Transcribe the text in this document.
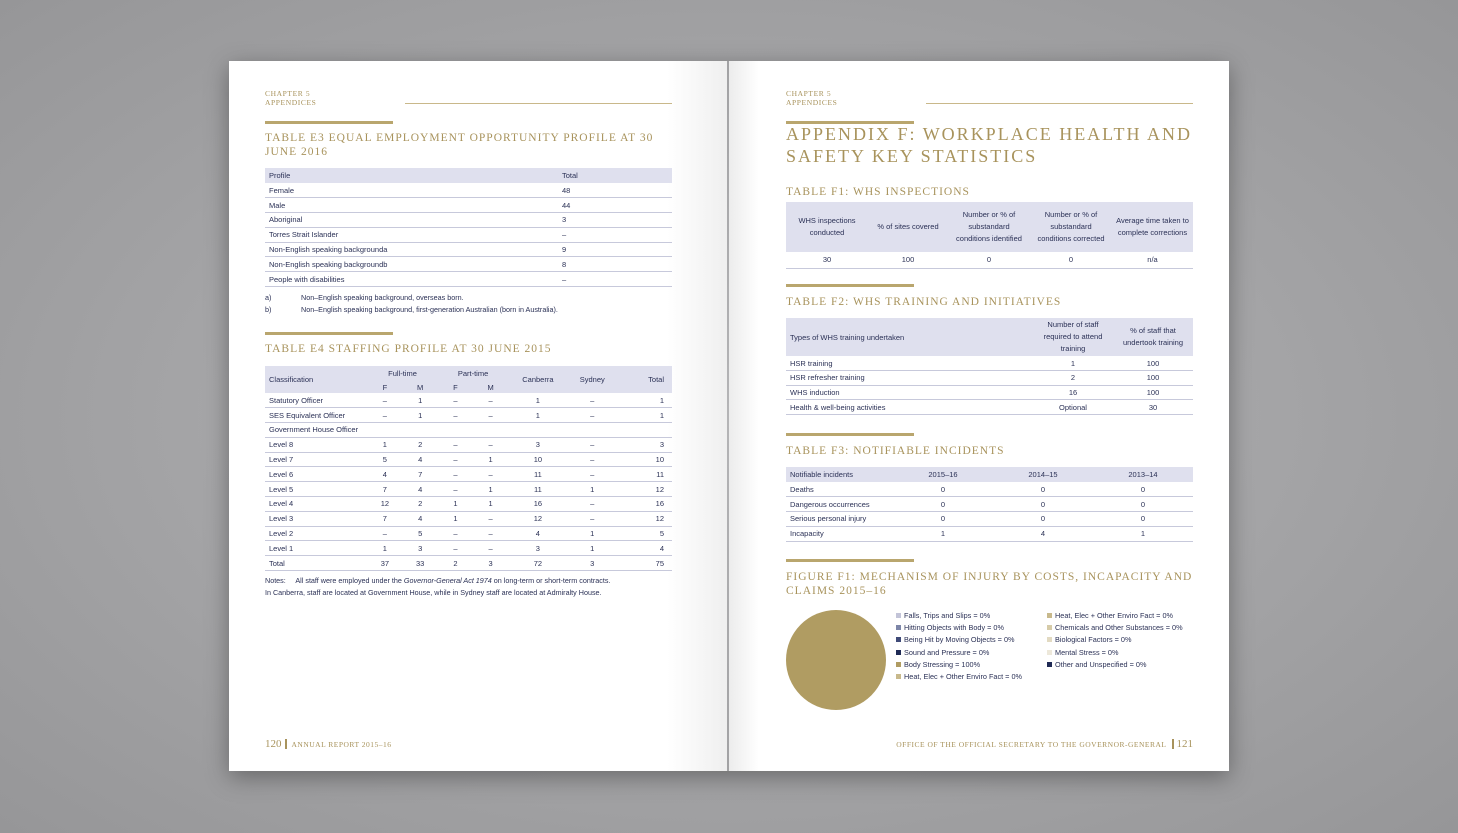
CHAPTER 5
APPENDICES
TABLE E3 EQUAL EMPLOYMENT OPPORTUNITY PROFILE AT 30 JUNE 2016
Profile	Total
Female	48
Male	44
Aboriginal	3
Torres Strait Islander	–
Non-English speaking backgrounda	9
Non-English speaking backgroundb	8
People with disabilities	–
a)	Non–English speaking background, overseas born.
b)	Non–English speaking background, first-generation Australian (born in Australia).
TABLE E4 STAFFING PROFILE AT 30 JUNE 2015
Classification	Full-time		Part-time		Canberra	Sydney	Total
	F	M	F	M			
Statutory Officer	–	1	–	–	1	–	1
SES Equivalent Officer	–	1	–	–	1	–	1
Government House Officer							
Level 8	1	2	–	–	3	–	3
Level 7	5	4	–	1	10	–	10
Level 6	4	7	–	–	11	–	11
Level 5	7	4	–	1	11	1	12
Level 4	12	2	1	1	16	–	16
Level 3	7	4	1	–	12	–	12
Level 2	–	5	–	–	4	1	5
Level 1	1	3	–	–	3	1	4
Total	37	33	2	3	72	3	75
Notes:     All staff were employed under the Governor-General Act 1974 on long-term or short-term contracts.
In Canberra, staff are located at Government House, while in Sydney staff are located at Admiralty House.
120 ANNUAL REPORT 2015–16
CHAPTER 5
APPENDICES
APPENDIX F: WORKPLACE HEALTH AND SAFETY KEY STATISTICS
TABLE F1: WHS INSPECTIONS
WHS inspections conducted	% of sites covered	Number or % of substandard conditions identified	Number or % of substandard conditions corrected	Average time taken to complete corrections
30	100	0	0	n/a
TABLE F2: WHS TRAINING AND INITIATIVES
Types of WHS training undertaken	Number of staff required to attend training	% of staff that undertook training
HSR training	1	100
HSR refresher training	2	100
WHS induction	16	100
Health & well-being activities	Optional	30
TABLE F3: NOTIFIABLE INCIDENTS
Notifiable incidents	2015–16	2014–15	2013–14
Deaths	0	0	0
Dangerous occurrences	0	0	0
Serious personal injury	0	0	0
Incapacity	1	4	1
FIGURE F1: MECHANISM OF INJURY BY COSTS, INCAPACITY AND CLAIMS 2015–16
Falls, Trips and Slips = 0%
Hitting Objects with Body = 0%
Being Hit by Moving Objects = 0%
Sound and Pressure = 0%
Body Stressing = 100%
Heat, Elec + Other Enviro Fact = 0%
Heat, Elec + Other Enviro Fact = 0%
Chemicals and Other Substances = 0%
Biological Factors = 0%
Mental Stress = 0%
Other and Unspecified = 0%
OFFICE OF THE OFFICIAL SECRETARY TO THE GOVERNOR-GENERAL 121
